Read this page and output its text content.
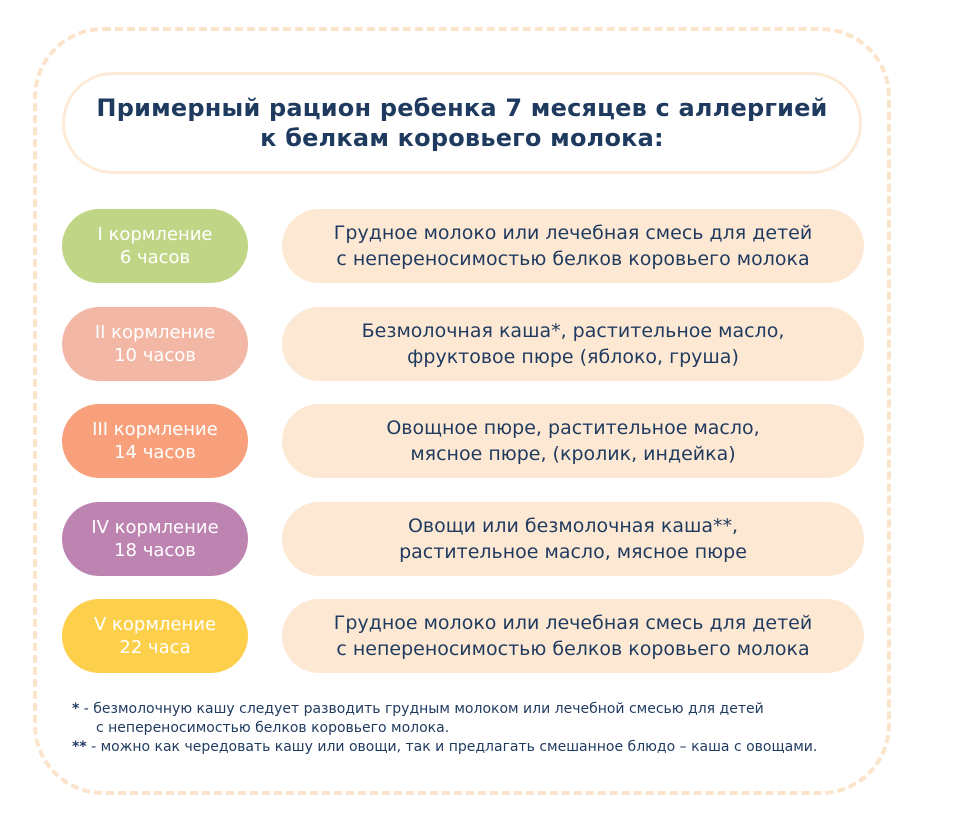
Примерный рацион ребенка 7 месяцев с аллергией
к белкам коровьего молока:
I кормление
6 часов
Грудное молоко или лечебная смесь для детей
с непереносимостью белков коровьего молока
II кормление
10 часов
Безмолочная каша*, растительное масло,
фруктовое пюре (яблоко, груша)
III кормление
14 часов
Овощное пюре, растительное масло,
мясное пюре, (кролик, индейка)
IV кормление
18 часов
Овощи или безмолочная каша**,
растительное масло, мясное пюре
V кормление
22 часа
Грудное молоко или лечебная смесь для детей
с непереносимостью белков коровьего молока
* - безмолочную кашу следует разводить грудным молоком или лечебной смесью для детей
с непереносимостью белков коровьего молока.
** - можно как чередовать кашу или овощи, так и предлагать смешанное блюдо – каша с овощами.
